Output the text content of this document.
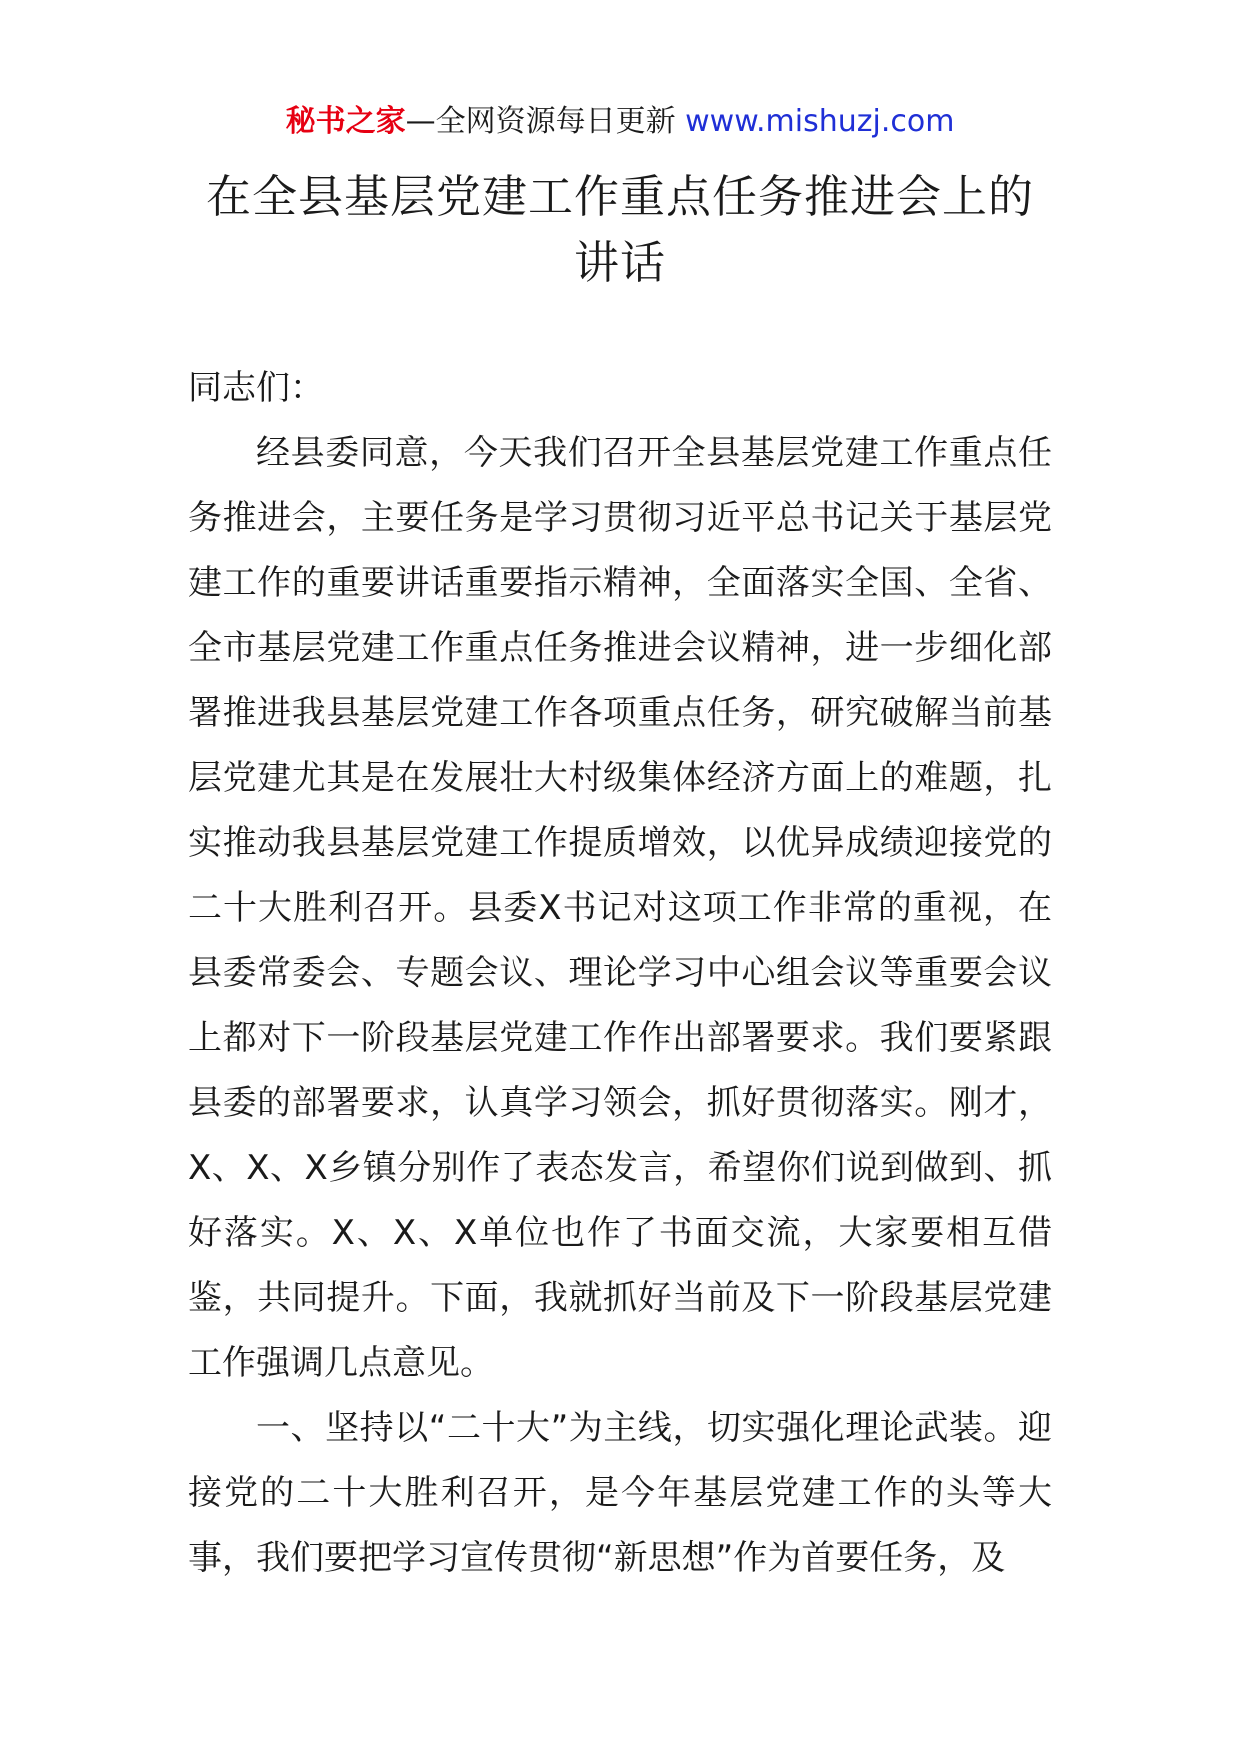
秘书之家—全网资源每日更新 www.mishuzj.com
在全县基层党建工作重点任务推进会上的
讲话

同志们：

经县委同意，今天我们召开全县基层党建工作重点任务推进会，主要任务是学习贯彻习近平总书记关于基层党建工作的重要讲话重要指示精神，全面落实全国、全省、全市基层党建工作重点任务推进会议精神，进一步细化部署推进我县基层党建工作各项重点任务，研究破解当前基层党建尤其是在发展壮大村级集体经济方面上的难题，扎实推动我县基层党建工作提质增效，以优异成绩迎接党的二十大胜利召开。县委X书记对这项工作非常的重视，在县委常委会、专题会议、理论学习中心组会议等重要会议上都对下一阶段基层党建工作作出部署要求。我们要紧跟县委的部署要求，认真学习领会，抓好贯彻落实。刚才，X、X、X乡镇分别作了表态发言，希望你们说到做到、抓好落实。X、X、X单位也作了书面交流，大家要相互借鉴，共同提升。下面，我就抓好当前及下一阶段基层党建工作强调几点意见。

一、坚持以“二十大”为主线，切实强化理论武装。迎接党的二十大胜利召开，是今年基层党建工作的头等大事，我们要把学习宣传贯彻“新思想”作为首要任务，及
